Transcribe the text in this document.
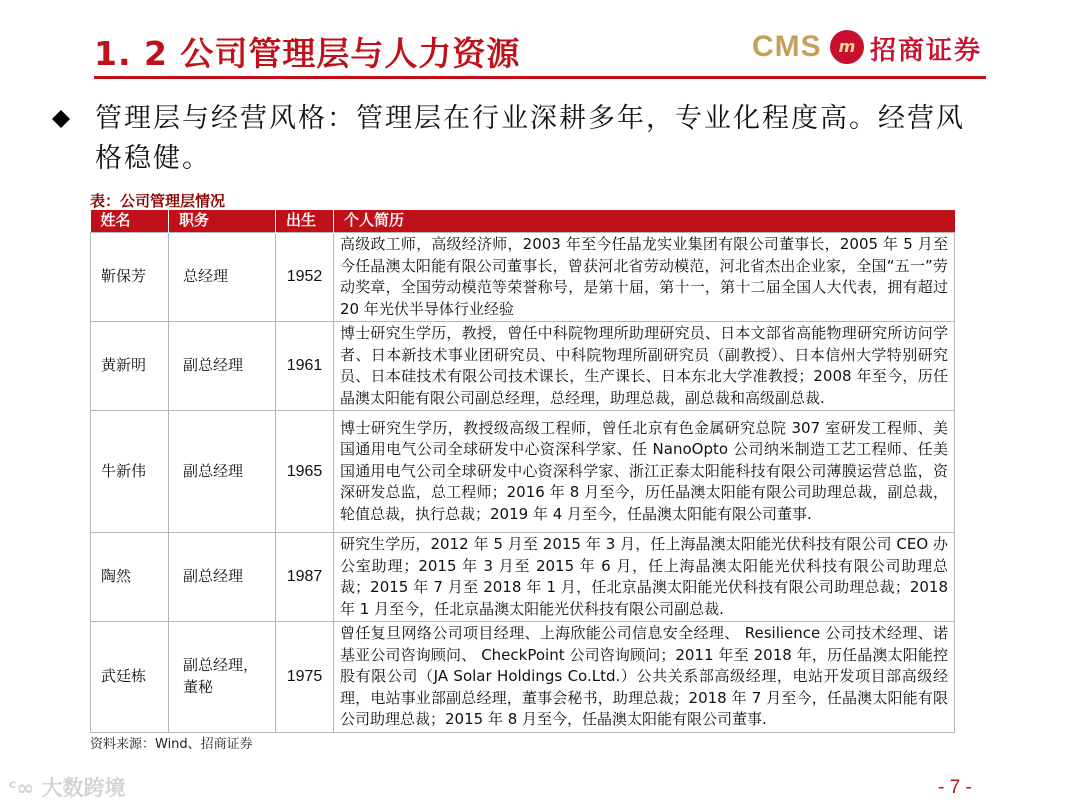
1. 2 公司管理层与人力资源	CMS	m 招商证券
管理层与经营风格：管理层在行业深耕多年，专业化程度高。经营风格稳健。
表：公司管理层情况
姓名	职务	出生	个人简历
靳保芳	总经理	1952	高级政工师，高级经济师，2003 年至今任晶龙实业集团有限公司董事长，2005 年 5 月至今任晶澳太阳能有限公司董事长，曾获河北省劳动模范，河北省杰出企业家，全国“五一”劳动奖章，全国劳动模范等荣誉称号，是第十届，第十一，第十二届全国人大代表，拥有超过 20 年光伏半导体行业经验
黄新明	副总经理	1961	博士研究生学历，教授，曾任中科院物理所助理研究员、日本文部省高能物理研究所访问学者、日本新技术事业团研究员、中科院物理所副研究员（副教授）、日本信州大学特别研究员、日本硅技术有限公司技术课长，生产课长、日本东北大学准教授；2008 年至今，历任晶澳太阳能有限公司副总经理，总经理，助理总裁，副总裁和高级副总裁.
牛新伟	副总经理	1965	博士研究生学历，教授级高级工程师，曾任北京有色金属研究总院 307 室研发工程师、美国通用电气公司全球研发中心资深科学家、任 NanoOpto 公司纳米制造工艺工程师、任美国通用电气公司全球研发中心资深科学家、浙江正泰太阳能科技有限公司薄膜运营总监，资深研发总监，总工程师；2016 年 8 月至今，历任晶澳太阳能有限公司助理总裁，副总裁，轮值总裁，执行总裁；2019 年 4 月至今，任晶澳太阳能有限公司董事.
陶然	副总经理	1987	研究生学历，2012 年 5 月至 2015 年 3 月，任上海晶澳太阳能光伏科技有限公司 CEO 办公室助理；2015 年 3 月至 2015 年 6 月，任上海晶澳太阳能光伏科技有限公司助理总裁；2015 年 7 月至 2018 年 1 月，任北京晶澳太阳能光伏科技有限公司助理总裁；2018 年 1 月至今，任北京晶澳太阳能光伏科技有限公司副总裁.
武廷栋	副总经理，董秘	1975	曾任复旦网络公司项目经理、上海欣能公司信息安全经理、 Resilience 公司技术经理、诺基亚公司咨询顾问、 CheckPoint 公司咨询顾问；2011 年至 2018 年，历任晶澳太阳能控股有限公司（JA Solar Holdings Co.Ltd.）公共关系部高级经理，电站开发项目部高级经理，电站事业部副总经理，董事会秘书，助理总裁；2018 年 7 月至今，任晶澳太阳能有限公司助理总裁；2015 年 8 月至今，任晶澳太阳能有限公司董事.
资料来源：Wind、招商证券
ᶜ∞ 大数跨境	- 7 -
